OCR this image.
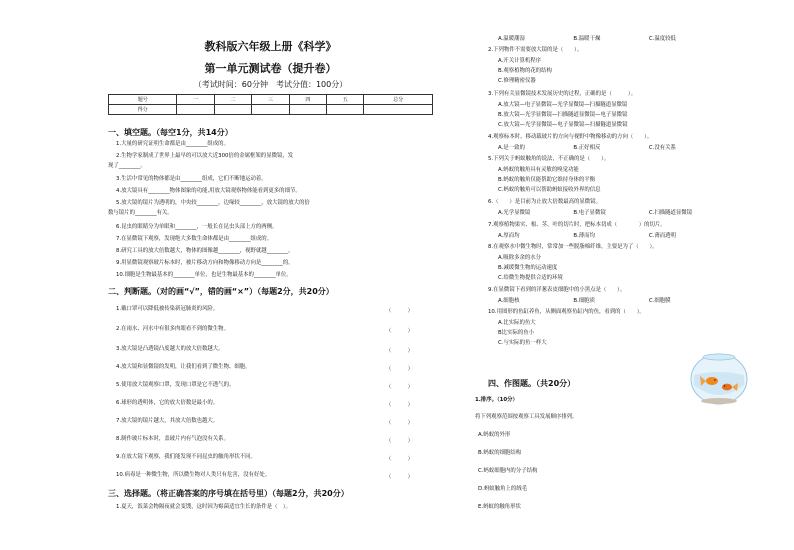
教科版六年级上册《科学》
第一单元测试卷（提升卷）
（考试时间：60分钟　考试分值：100分）
题号	一	二	三	四	五	总分
得分						
一、填空题。（每空1分，共14分）
1.大量的研究证明生命都是由________组成的。
2.生物学家制成了世界上最早的可以放大近300倍的金属框架的显微镜，发
现了________。
3.生活中常见的物体都是由________组成，它们不断地运动着。
4.放大镜具有________物体图象的功能,用放大镜观察物体能看到更多的细节。
5.放大镜的镜片为透明的，中央较________，边缘较________，放大镜的放大的倍
数与镜片的________有关。
6.昆虫的眼睛分为单眼和________，一般长在昆虫头部上方的两侧。
7.在显微镜下观察，发现绝大多数生命体都是由________组成的。
8.研究工具的放大倍数越大，物体的图像越________，视野就越________。
9.用显微镜观察玻片标本时，被片移动方向和物像移动方向是________的。
10.细胞是生物最基本的________单位，也是生物最基本的________单位。
二、判断题。（对的画“√”，错的画“×”）（每题2分，共20分）
1.戴口罩可以降低被传染新冠肺炎的风险。
2.在雨水、河水中有很多肉眼看不到的微生物。
3.放大镜是凸透镜凸度越大的放大倍数越大。
4.放大镜和显微镜的发明，让我们看到了微生物、细胞。
5.使用放大镜观察口罩，发现口罩是它不透气的。
6.球形的透明体，它的放大倍数是最小的。
7.放大镜的镜片越大，其放大倍数也越大。
8.制作玻片标本时，盖玻片内有气泡没有关系。
9.在放大镜下观察，我们能发现不同昆虫的触角形状不同。
10.病毒是一种微生物，所以微生物对人类只有危害，没有好处。
（　　　）
（　　　）
（　　　）
（　　　）
（　　　）
（　　　）
（　　　）
（　　　）
（　　　）
（　　　）
三、选择题。（将正确答案的序号填在括号里）（每题2分，共20分）
1.夏天，饭菜会物隔夜就会变馊，这时因为霉菌适宜生长的条件是（　）。
A.温暖潮湿　　　　　　　　　B.温暖干燥　　　　　　　　　C.温度较低
2.下列物件不需要放大镜的是（　　）。
A.开关计算机程序
B.观察植物的花的结构
C.修理精密仪器
3.下列有关显微镜技术发展历史的过程，正确的是（　　　）。
A.放大镜—电子显微镜—光学显微镜—扫描隧道显微镜
B.放大镜—光学显微镜—扫描隧道显微镜—电子显微镜
C.放大镜—光学显微镜—电子显微镜—扫描隧道显微镜
4.观察标本时，移动载玻片的方向与视野中物像移动的方向（　　）。
A.是一致的　　　　　　　　　B.正好相反　　　　　　　　　C.没有关系
5.下列关于蚂蚁触角的说法，不正确的是（　　）。
A.蚂蚁的触角具有灵敏的嗅觉功能
B.蚂蚁的触角仅能帮助它维持身体的平衡
C.蚂蚁的触角可以帮助蚂蚁接收外界的信息
6.（　　）是目前为止放大倍数最高的显微镜。
A.光学显微镜　　　　　　　　B.电子显微镜　　　　　　　　C.扫描隧道显微镜
7.观察植物果实、根、茎、叶的切片时，把标本切成（　　　　）的切片。
A.厚而均　　　　　　　　　　B.薄而均　　　　　　　　　　C.薄而透明
8.在观察水中微生物时，常常加一些脱脂棉纤维，主要是为了（　　）。
A.吸除多余的水分
B.减缓微生物的运动速度
C.给微生物提供合适的环境
9.在显微镜下看到的洋葱表皮细胞中的小黑点是（　　）。
A.细胞核　　　　　　　　　　B.细胞质　　　　　　　　　　C.细胞膜
10.用图形的鱼缸养鱼，从侧面观察鱼缸内的鱼，看到的（　　）。
A.比实际的鱼大
B比实际的鱼小
C.与实际的鱼一样大
四、作图题。（共20分）
1.排序。（10分）
将下列观察范围按观察工具发展顺序排列。
A.蚂蚁的外形
B.蚂蚁的细胞结构
C.蚂蚁细胞内的分子结构
D.蚂蚁触角上的绒毛
E.蚂蚁的触角形状
